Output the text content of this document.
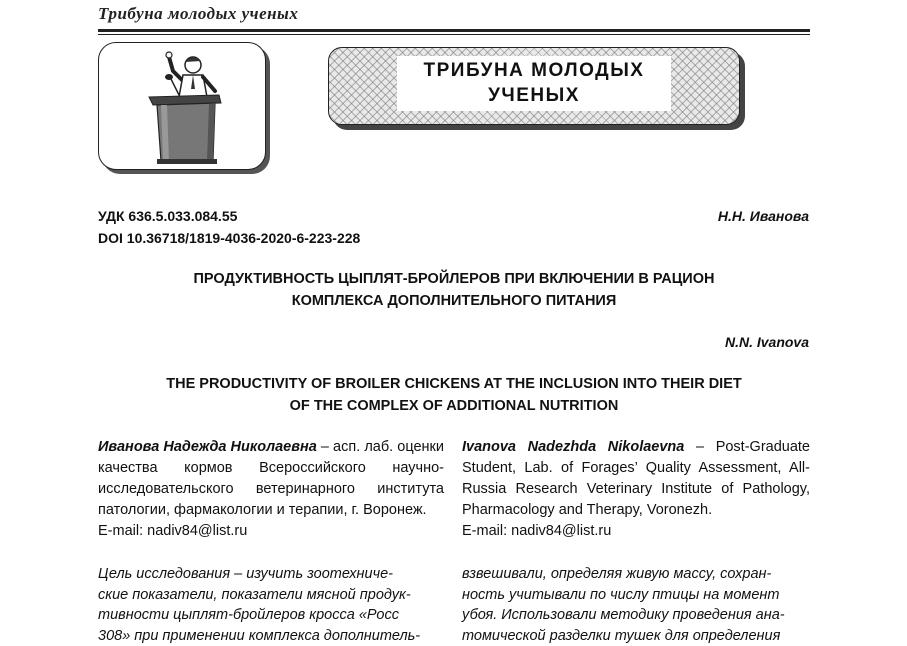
Трибуна молодых ученых
ТРИБУНА МОЛОДЫХ
УЧЕНЫХ
УДК 636.5.033.084.55
DOI 10.36718/1819-4036-2020-6-223-228
Н.Н. Иванова
ПРОДУКТИВНОСТЬ ЦЫПЛЯТ-БРОЙЛЕРОВ ПРИ ВКЛЮЧЕНИИ В РАЦИОН
КОМПЛЕКСА ДОПОЛНИТЕЛЬНОГО ПИТАНИЯ
N.N. Ivanova
THE PRODUCTIVITY OF BROILER CHICKENS AT THE INCLUSION INTO THEIR DIET
OF THE COMPLEX OF ADDITIONAL NUTRITION
Иванова Надежда Николаевна – асп. лаб. оценки качества кормов Всероссийского научно-исследовательского ветеринарного института патологии, фармакологии и терапии, г. Воронеж.
E-mail: nadiv84@list.ru
Ivanova Nadezhda Nikolaevna – Post-Graduate Student, Lab. of Forages’ Quality Assessment, All-Russia Research Veterinary Institute of Pathology, Pharmacology and Therapy, Voronezh.
E-mail: nadiv84@list.ru
Цель исследования – изучить зоотехниче-
ские показатели, показатели мясной продук-
тивности цыплят-бройлеров кросса «Росс
308» при применении комплекса дополнитель-
взвешивали, определяя живую массу, сохран-
ность учитывали по числу птицы на момент
убоя. Использовали методику проведения ана-
томической разделки тушек для определения
